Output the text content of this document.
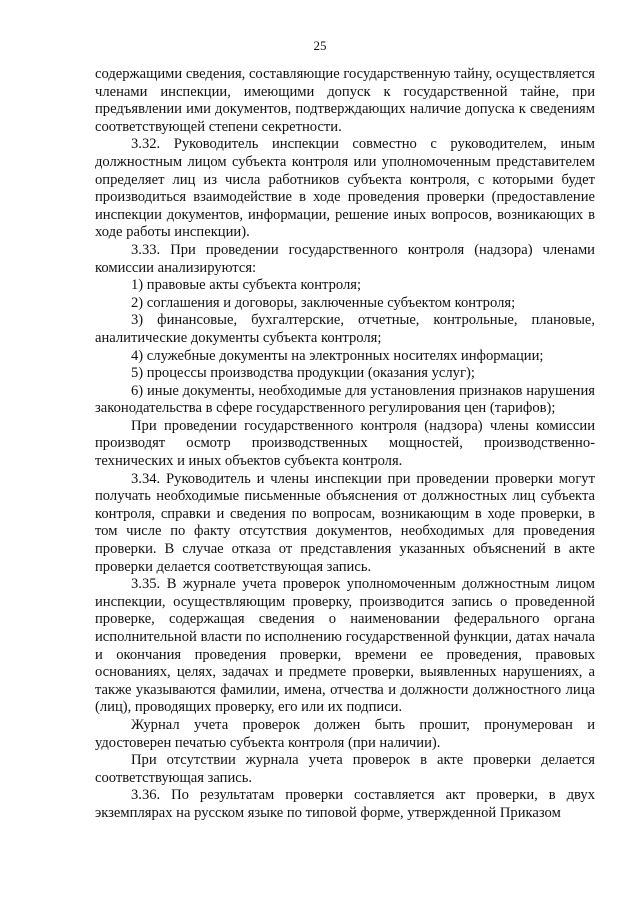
25

содержащими сведения, составляющие государственную тайну, осуществляется членами инспекции, имеющими допуск к государственной тайне, при предъявлении ими документов, подтверждающих наличие допуска к сведениям соответствующей степени секретности.

3.32. Руководитель инспекции совместно с руководителем, иным должностным лицом субъекта контроля или уполномоченным представителем определяет лиц из числа работников субъекта контроля, с которыми будет производиться взаимодействие в ходе проведения проверки (предоставление инспекции документов, информации, решение иных вопросов, возникающих в ходе работы инспекции).

3.33. При проведении государственного контроля (надзора) членами комиссии анализируются:

1) правовые акты субъекта контроля;

2) соглашения и договоры, заключенные субъектом контроля;

3) финансовые, бухгалтерские, отчетные, контрольные, плановые, аналитические документы субъекта контроля;

4) служебные документы на электронных носителях информации;

5) процессы производства продукции (оказания услуг);

6) иные документы, необходимые для установления признаков нарушения законодательства в сфере государственного регулирования цен (тарифов);

При проведении государственного контроля (надзора) члены комиссии производят осмотр производственных мощностей, производственно-технических и иных объектов субъекта контроля.

3.34. Руководитель и члены инспекции при проведении проверки могут получать необходимые письменные объяснения от должностных лиц субъекта контроля, справки и сведения по вопросам, возникающим в ходе проверки, в том числе по факту отсутствия документов, необходимых для проведения проверки. В случае отказа от представления указанных объяснений в акте проверки делается соответствующая запись.

3.35. В журнале учета проверок уполномоченным должностным лицом инспекции, осуществляющим проверку, производится запись о проведенной проверке, содержащая сведения о наименовании федерального органа исполнительной власти по исполнению государственной функции, датах начала и окончания проведения проверки, времени ее проведения, правовых основаниях, целях, задачах и предмете проверки, выявленных нарушениях, а также указываются фамилии, имена, отчества и должности должностного лица (лиц), проводящих проверку, его или их подписи.

Журнал учета проверок должен быть прошит, пронумерован и удостоверен печатью субъекта контроля (при наличии).

При отсутствии журнала учета проверок в акте проверки делается соответствующая запись.

3.36. По результатам проверки составляется акт проверки, в двух экземплярах на русском языке по типовой форме, утвержденной Приказом
